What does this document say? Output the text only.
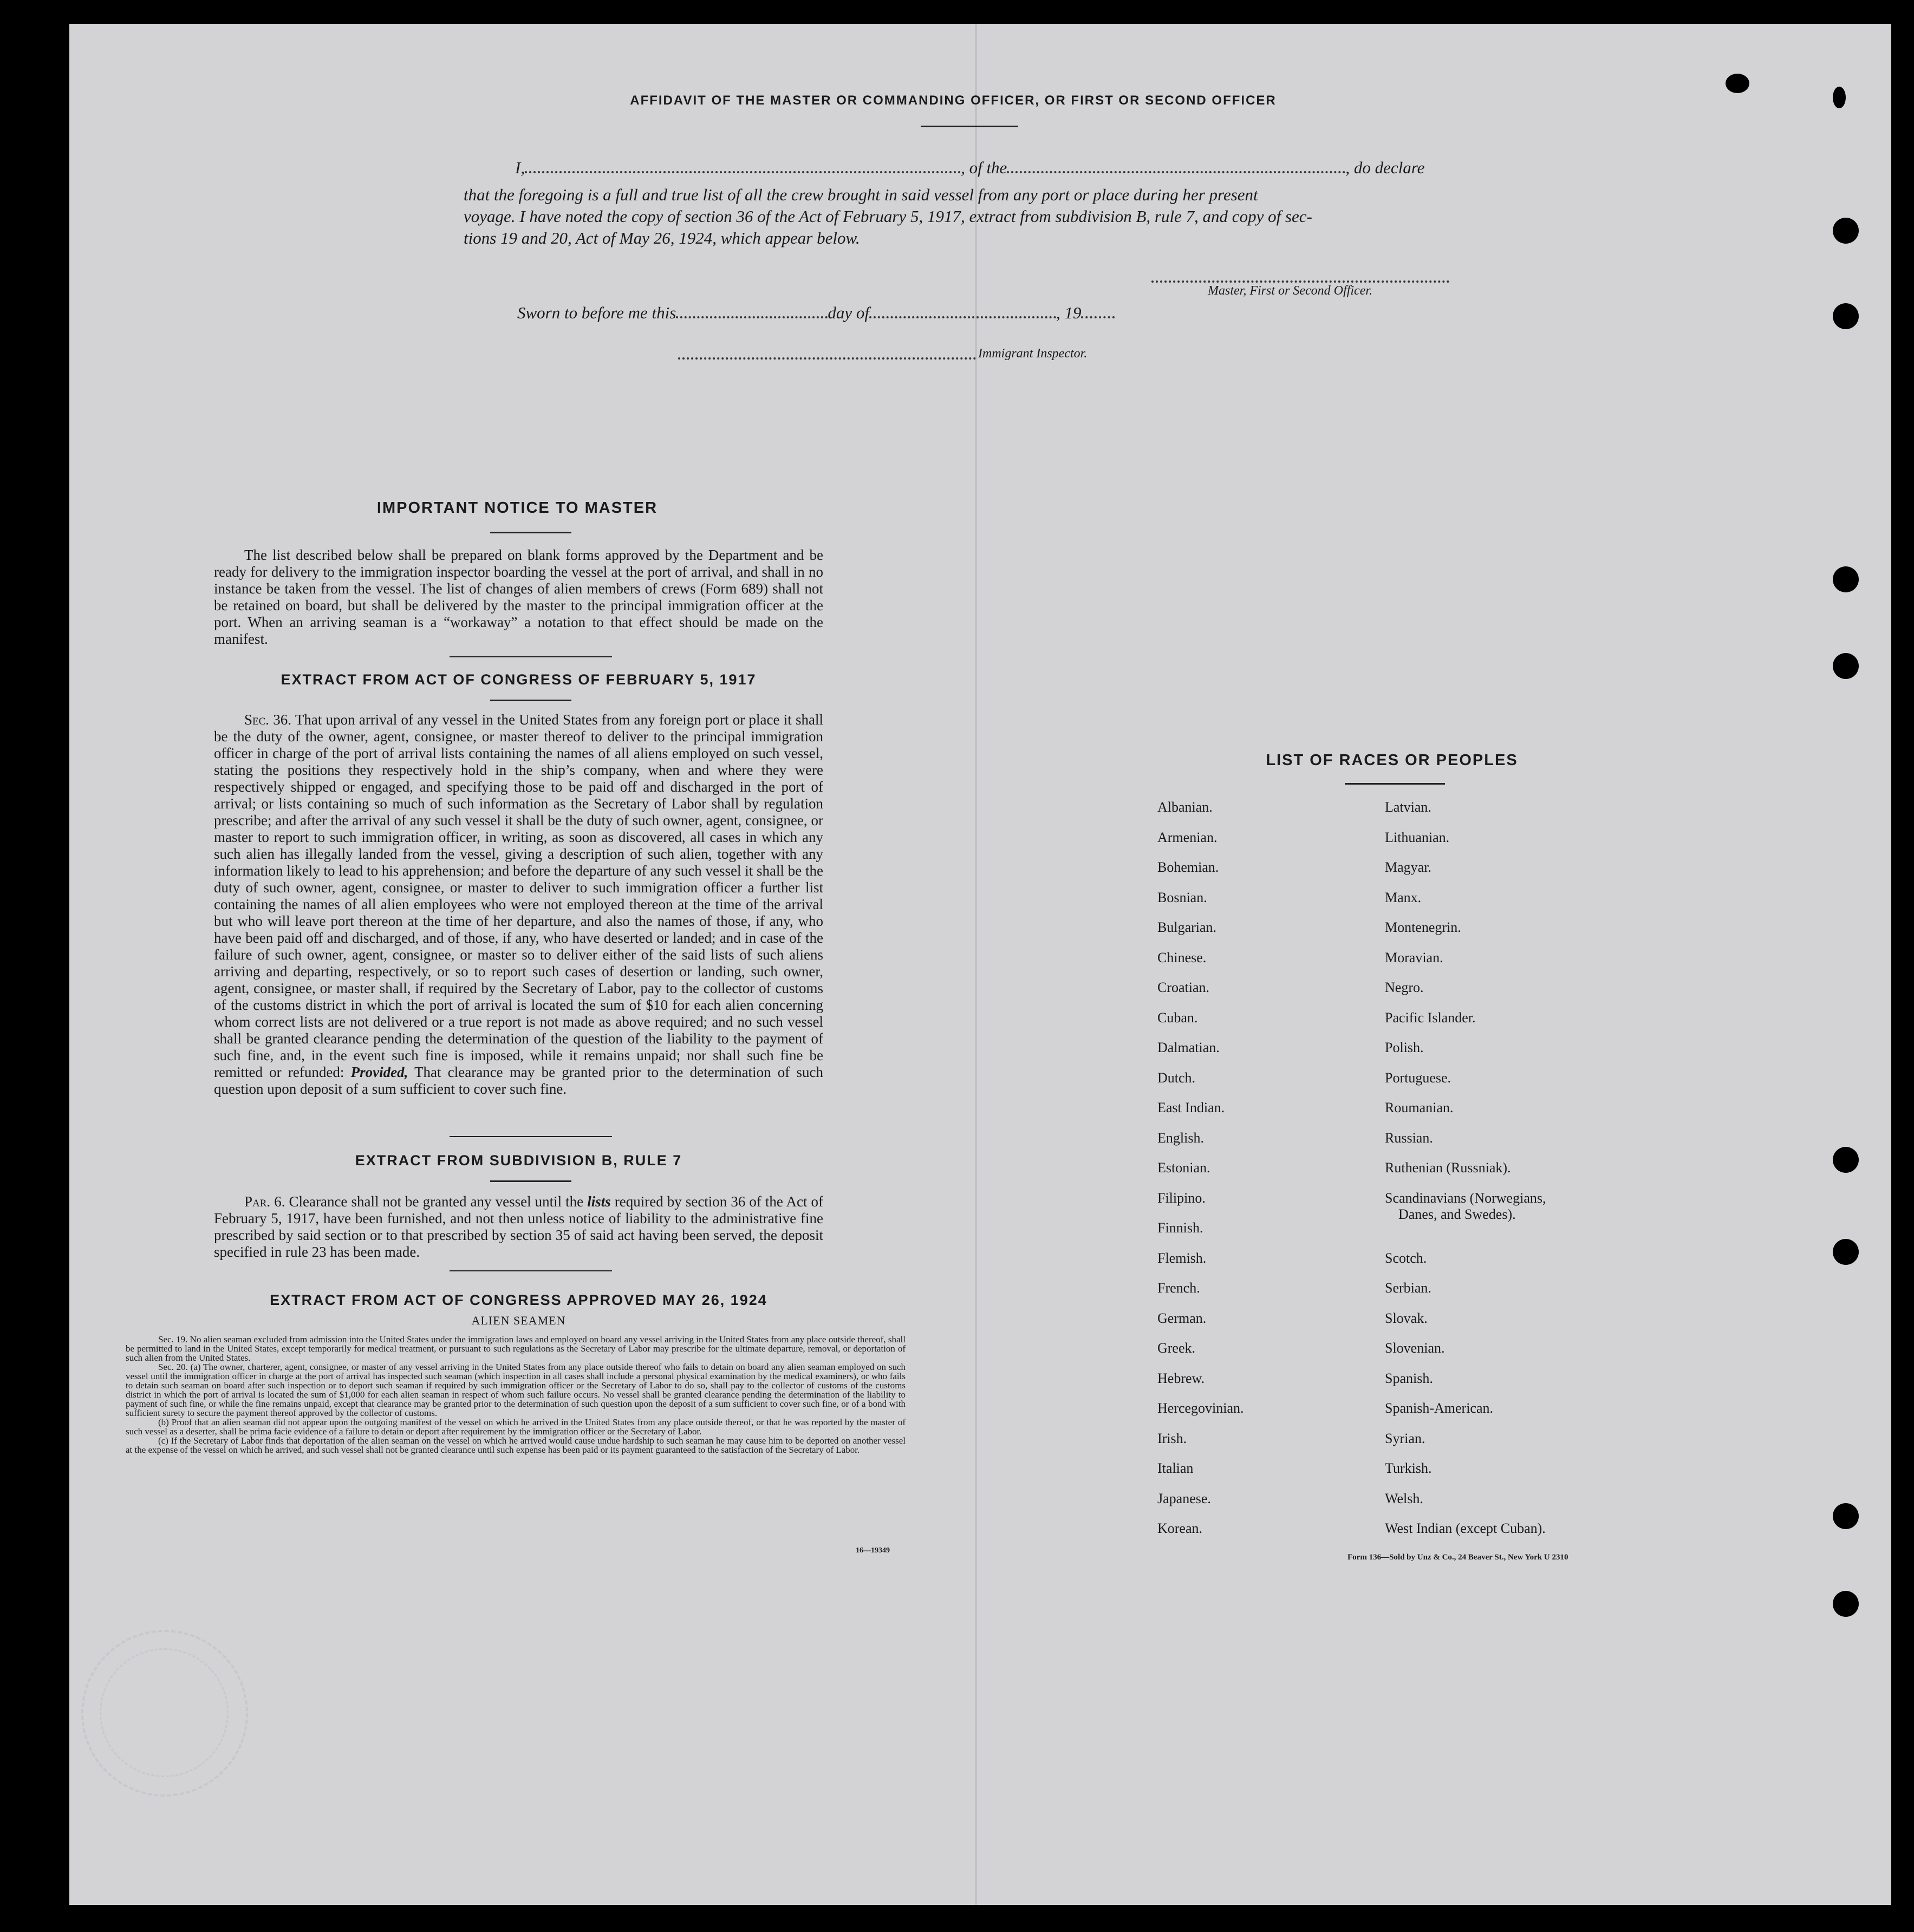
AFFIDAVIT OF THE MASTER OR COMMANDING OFFICER, OR FIRST OR SECOND OFFICER
I,	, of the	, do declare
that the foregoing is a full and true list of all the crew brought in said vessel from any port or place during her present
voyage. I have noted the copy of section 36 of the Act of February 5, 1917, extract from subdivision B, rule 7, and copy of sec-
tions 19 and 20, Act of May 26, 1924, which appear below.
Master, First or Second Officer.
Sworn to before me this	day of	, 19
Immigrant Inspector.
IMPORTANT NOTICE TO MASTER

The list described below shall be prepared on blank forms approved by the Department and be ready for delivery to the immigration inspector boarding the vessel at the port of arrival, and shall in no instance be taken from the vessel. The list of changes of alien members of crews (Form 689) shall not be retained on board, but shall be delivered by the master to the principal immigration officer at the port. When an arriving seaman is a “workaway” a notation to that effect should be made on the manifest.

EXTRACT FROM ACT OF CONGRESS OF FEBRUARY 5, 1917

Sec. 36. That upon arrival of any vessel in the United States from any foreign port or place it shall be the duty of the owner, agent, consignee, or master thereof to deliver to the principal immigration officer in charge of the port of arrival lists containing the names of all aliens employed on such vessel, stating the positions they respectively hold in the ship’s company, when and where they were respectively shipped or engaged, and specifying those to be paid off and discharged in the port of arrival; or lists containing so much of such information as the Secretary of Labor shall by regulation prescribe; and after the arrival of any such vessel it shall be the duty of such owner, agent, consignee, or master to report to such immigration officer, in writing, as soon as discovered, all cases in which any such alien has illegally landed from the vessel, giving a description of such alien, together with any information likely to lead to his apprehension; and before the departure of any such vessel it shall be the duty of such owner, agent, consignee, or master to deliver to such immigration officer a further list containing the names of all alien employees who were not employed thereon at the time of the arrival but who will leave port thereon at the time of her departure, and also the names of those, if any, who have been paid off and discharged, and of those, if any, who have deserted or landed; and in case of the failure of such owner, agent, consignee, or master so to deliver either of the said lists of such aliens arriving and departing, respectively, or so to report such cases of desertion or landing, such owner, agent, consignee, or master shall, if required by the Secretary of Labor, pay to the collector of customs of the customs district in which the port of arrival is located the sum of $10 for each alien concerning whom correct lists are not delivered or a true report is not made as above required; and no such vessel shall be granted clearance pending the determination of the question of the liability to the payment of such fine, and, in the event such fine is imposed, while it remains unpaid; nor shall such fine be remitted or refunded: Provided, That clearance may be granted prior to the determination of such question upon deposit of a sum sufficient to cover such fine.

EXTRACT FROM SUBDIVISION B, RULE 7

Par. 6. Clearance shall not be granted any vessel until the lists required by section 36 of the Act of February 5, 1917, have been furnished, and not then unless notice of liability to the administrative fine prescribed by said section or to that prescribed by section 35 of said act having been served, the deposit specified in rule 23 has been made.

EXTRACT FROM ACT OF CONGRESS APPROVED MAY 26, 1924
ALIEN SEAMEN

Sec. 19. No alien seaman excluded from admission into the United States under the immigration laws and employed on board any vessel arriving in the United States from any place outside thereof, shall be permitted to land in the United States, except temporarily for medical treatment, or pursuant to such regulations as the Secretary of Labor may prescribe for the ultimate departure, removal, or deportation of such alien from the United States.

Sec. 20. (a) The owner, charterer, agent, consignee, or master of any vessel arriving in the United States from any place outside thereof who fails to detain on board any alien seaman employed on such vessel until the immigration officer in charge at the port of arrival has inspected such seaman (which inspection in all cases shall include a personal physical examination by the medical examiners), or who fails to detain such seaman on board after such inspection or to deport such seaman if required by such immigration officer or the Secretary of Labor to do so, shall pay to the collector of customs of the customs district in which the port of arrival is located the sum of $1,000 for each alien seaman in respect of whom such failure occurs. No vessel shall be granted clearance pending the determination of the liability to payment of such fine, or while the fine remains unpaid, except that clearance may be granted prior to the determination of such question upon the deposit of a sum sufficient to cover such fine, or of a bond with sufficient surety to secure the payment thereof approved by the collector of customs.

(b) Proof that an alien seaman did not appear upon the outgoing manifest of the vessel on which he arrived in the United States from any place outside thereof, or that he was reported by the master of such vessel as a deserter, shall be prima facie evidence of a failure to detain or deport after requirement by the immigration officer or the Secretary of Labor.

(c) If the Secretary of Labor finds that deportation of the alien seaman on the vessel on which he arrived would cause undue hardship to such seaman he may cause him to be deported on another vessel at the expense of the vessel on which he arrived, and such vessel shall not be granted clearance until such expense has been paid or its payment guaranteed to the satisfaction of the Secretary of Labor.

16—19349
LIST OF RACES OR PEOPLES
Albanian.
Armenian.
Bohemian.
Bosnian.
Bulgarian.
Chinese.
Croatian.
Cuban.
Dalmatian.
Dutch.
East Indian.
English.
Estonian.
Filipino.
Finnish.
Flemish.
French.
German.
Greek.
Hebrew.
Hercegovinian.
Irish.
Italian
Japanese.
Korean.
Latvian.
Lithuanian.
Magyar.
Manx.
Montenegrin.
Moravian.
Negro.
Pacific Islander.
Polish.
Portuguese.
Roumanian.
Russian.
Ruthenian (Russniak).
Scandinavians (Norwegians,
Danes, and Swedes).
Scotch.
Serbian.
Slovak.
Slovenian.
Spanish.
Spanish-American.
Syrian.
Turkish.
Welsh.
West Indian (except Cuban).
Form 136—Sold by Unz & Co., 24 Beaver St., New York U 2310
